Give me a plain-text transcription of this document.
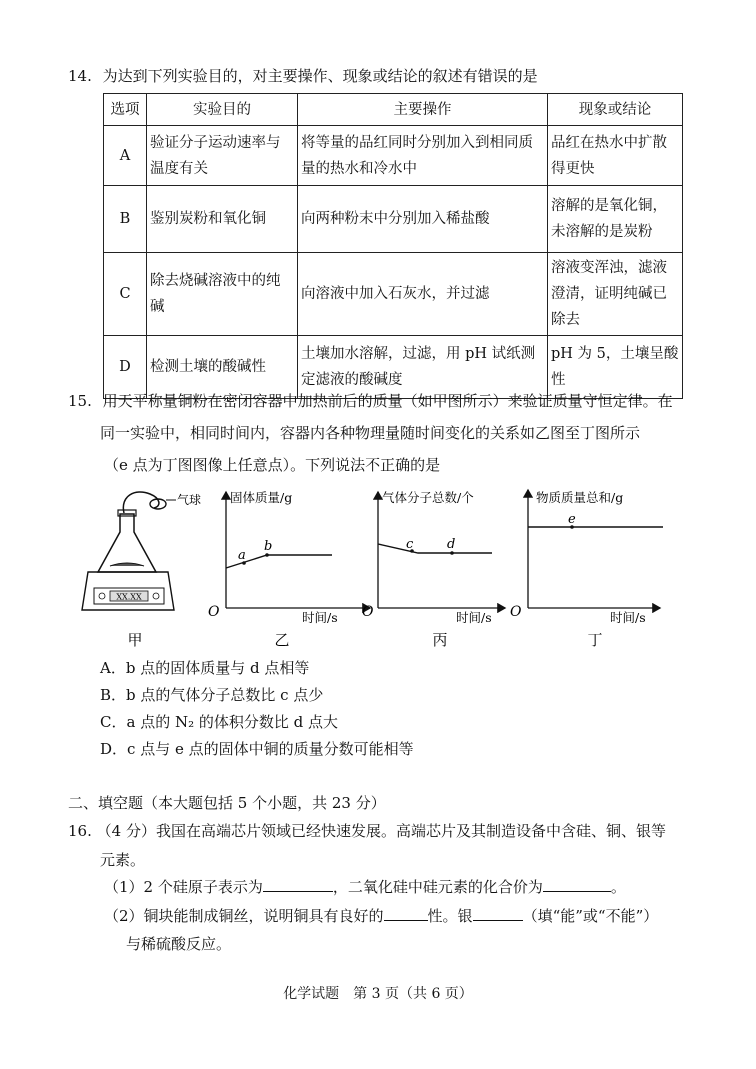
14. 为达到下列实验目的，对主要操作、现象或结论的叙述有错误的是
选项	实验目的	主要操作	现象或结论
A	验证分子运动速率与温度有关	将等量的品红同时分别加入到相同质量的热水和冷水中	品红在热水中扩散得更快
B	鉴别炭粉和氧化铜	向两种粉末中分别加入稀盐酸	溶解的是氧化铜，未溶解的是炭粉
C	除去烧碱溶液中的纯碱	向溶液中加入石灰水，并过滤	溶液变浑浊，滤液澄清，证明纯碱已除去
D	检测土壤的酸碱性	土壤加水溶解，过滤，用 pH 试纸测定滤液的酸碱度	pH 为 5，土壤呈酸性
15. 用天平称量铜粉在密闭容器中加热前后的质量（如甲图所示）来验证质量守恒定律。在
同一实验中，相同时间内，容器内各种物理量随时间变化的关系如乙图至丁图所示
（e 点为丁图图像上任意点）。下列说法不正确的是
气球
XX.XX
甲
固体质量/g
时间/s
O
a
b
乙
气体分子总数/个
时间/s
O
c	d
丙
物质质量总和/g
时间/s
O
e
丁
A．b 点的固体质量与 d 点相等
B．b 点的气体分子总数比 c 点少
C．a 点的 N₂ 的体积分数比 d 点大
D．c 点与 e 点的固体中铜的质量分数可能相等
二、填空题（本大题包括 5 个小题，共 23 分）
16. （4 分）我国在高端芯片领域已经快速发展。高端芯片及其制造设备中含硅、铜、银等
元素。
（1）2 个硅原子表示为	，二氧化硅中硅元素的化合价为	。
（2）铜块能制成铜丝，说明铜具有良好的	性。银	（填“能”或“不能”）
与稀硫酸反应。
化学试题　第 3 页（共 6 页）
